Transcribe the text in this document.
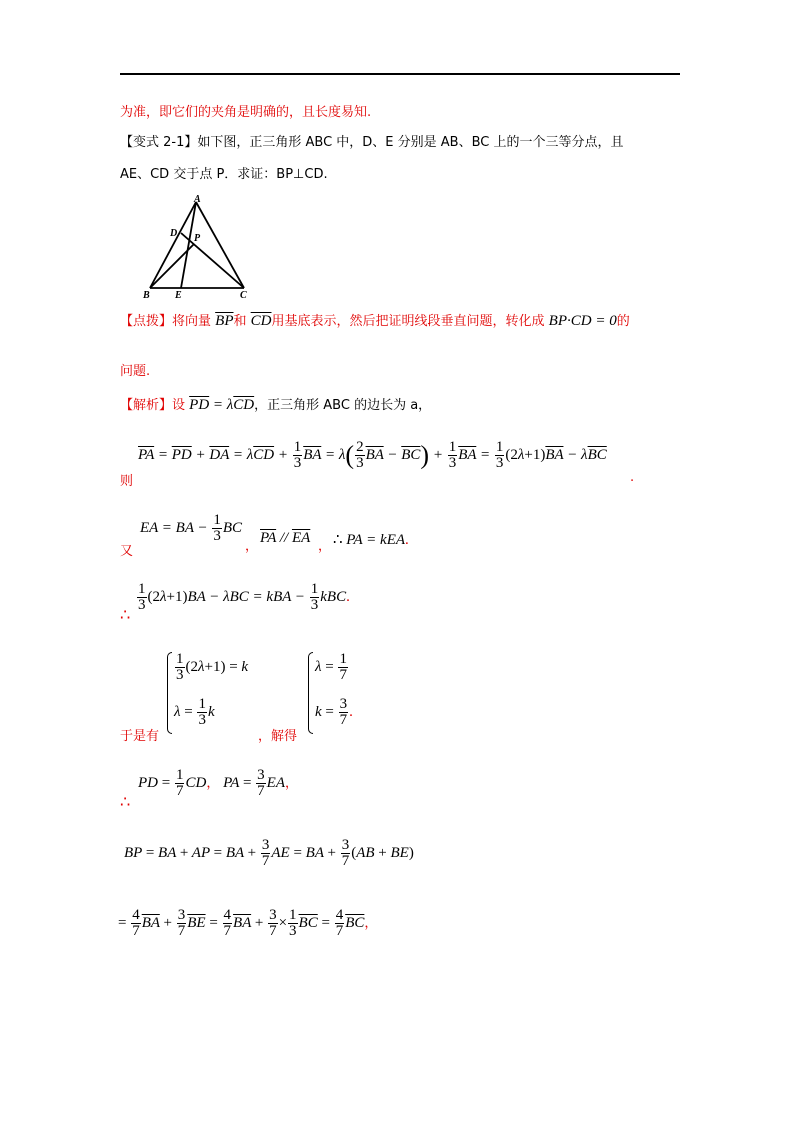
为准，即它们的夹角是明确的，且长度易知.
【变式 2-1】如下图，正三角形 ABC 中，D、E 分别是 AB、BC 上的一个三等分点，且
AE、CD 交于点 P．求证：BP⊥CD.
A
D P
B	E	C
【点拨】将向量 $\overline{BP}$和 $\overline{CD}$用基底表示，然后把证明线段垂直问题，转化成 BP·CD = 0的
问题.
【解析】设 $\overline{PD} = \lambda\overline{CD}$，正三角形 ABC 的边长为 a，
$\overline{PA} = \overline{PD} + \overline{DA} = \lambda\overline{CD} + \frac{1}{3} \overline{BA} = \lambda( \frac{2}{3} \overline{BA} - \overline{BC}) + \frac{1}{3} \overline{BA} = \frac{1}{3} (2\lambda+1)\overline{BA} - \lambda\overline{BC}$
则	.
EA = BA − $\frac{1}{3}$ BC
又	，
$\overline{PA} // \overline{EA}$
， ∴ PA = kEA.
$\frac{1}{3} (2\lambda+1)BA - \lambda BC$ = kBA − $\frac{1}{3}$ kBC.
∴
$\frac{1}{3} (2\lambda+1) = k$
$\lambda = \frac{1}{3}$ k
于是有	，解得
$\lambda = \frac{1}{7}$
$k = \frac{3}{7}$ .
PD = $\frac{1}{7}$ CD， PA = $\frac{3}{7}$ EA，
∴
BP = BA + AP = BA + $\frac{3}{7}$ AE = BA + $\frac{3}{7} (AB + BE)$
= $\frac{4}{7} \overline{BA} + \frac{3}{7} \overline{BE} = \frac{4}{7} \overline{BA} + \frac{3}{7} \times \frac{1}{3} \overline{BC} = \frac{4}{7} \overline{BC}$，
